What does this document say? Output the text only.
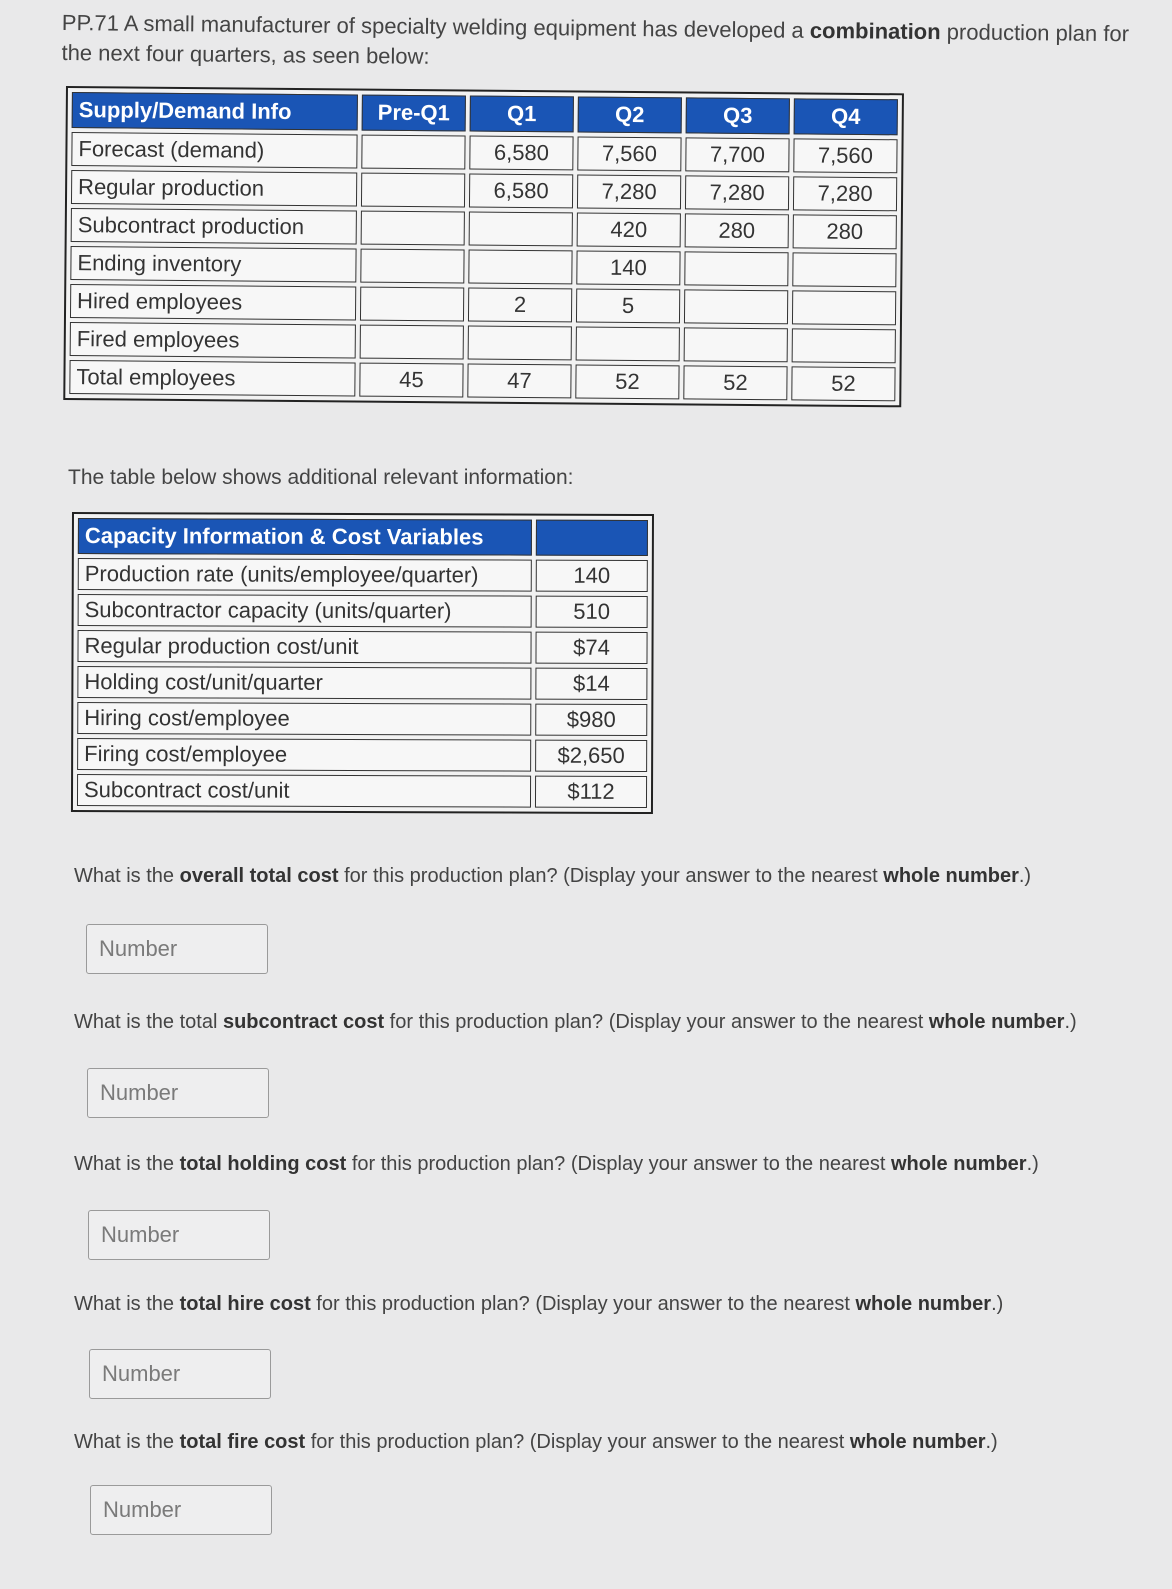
PP.71 A small manufacturer of specialty welding equipment has developed a combination production plan for the next four quarters, as seen below:
Supply/Demand Info	Pre-Q1	Q1	Q2	Q3	Q4
Forecast (demand)		6,580	7,560	7,700	7,560
Regular production		6,580	7,280	7,280	7,280
Subcontract production			420	280	280
Ending inventory			140		
Hired employees		2	5		
Fired employees					
Total employees	45	47	52	52	52
The table below shows additional relevant information:
Capacity Information & Cost Variables	
Production rate (units/employee/quarter)	140
Subcontractor capacity (units/quarter)	510
Regular production cost/unit	$74
Holding cost/unit/quarter	$14
Hiring cost/employee	$980
Firing cost/employee	$2,650
Subcontract cost/unit	$112
What is the overall total cost for this production plan? (Display your answer to the nearest whole number.)
Number
What is the total subcontract cost for this production plan? (Display your answer to the nearest whole number.)
Number
What is the total holding cost for this production plan? (Display your answer to the nearest whole number.)
Number
What is the total hire cost for this production plan? (Display your answer to the nearest whole number.)
Number
What is the total fire cost for this production plan? (Display your answer to the nearest whole number.)
Number
